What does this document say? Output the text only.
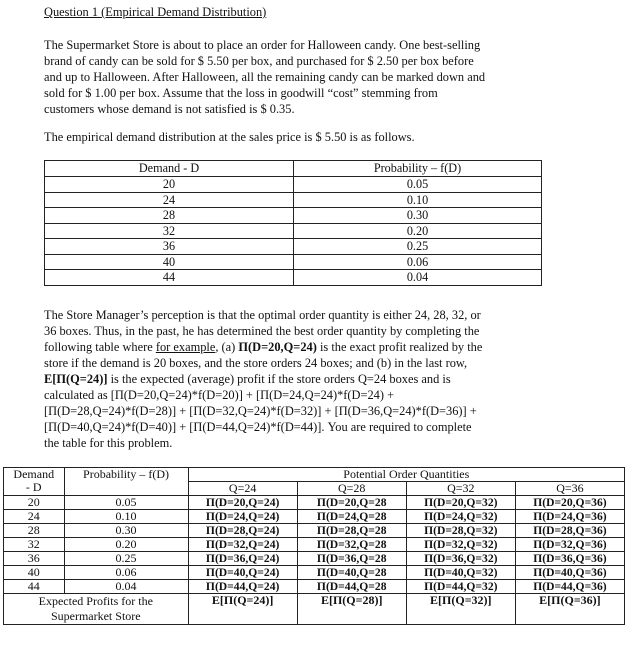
Question 1 (Empirical Demand Distribution)
The Supermarket Store is about to place an order for Halloween candy. One best-selling
brand of candy can be sold for $ 5.50 per box, and purchased for $ 2.50 per box before
and up to Halloween. After Halloween, all the remaining candy can be marked down and
sold for $ 1.00 per box. Assume that the loss in goodwill “cost” stemming from
customers whose demand is not satisfied is $ 0.35.
The empirical demand distribution at the sales price is $ 5.50 is as follows.
Demand - D	Probability – f(D)
20	0.05
24	0.10
28	0.30
32	0.20
36	0.25
40	0.06
44	0.04
The Store Manager’s perception is that the optimal order quantity is either 24, 28, 32, or
36 boxes. Thus, in the past, he has determined the best order quantity by completing the
following table where for example, (a) Π(D=20,Q=24) is the exact profit realized by the
store if the demand is 20 boxes, and the store orders 24 boxes; and (b) in the last row,
E[Π(Q=24)] is the expected (average) profit if the store orders Q=24 boxes and is
calculated as [Π(D=20,Q=24)*f(D=20)] + [Π(D=24,Q=24)*f(D=24) +
[Π(D=28,Q=24)*f(D=28)] + [Π(D=32,Q=24)*f(D=32)] + [Π(D=36,Q=24)*f(D=36)] +
[Π(D=40,Q=24)*f(D=40)] + [Π(D=44,Q=24)*f(D=44)]. You are required to complete
the table for this problem.
Demand
- D	Probability – f(D)	Potential Order Quantities			
		Q=24	Q=28	Q=32	Q=36
20	0.05	Π(D=20,Q=24)	Π(D=20,Q=28	Π(D=20,Q=32)	Π(D=20,Q=36)
24	0.10	Π(D=24,Q=24)	Π(D=24,Q=28	Π(D=24,Q=32)	Π(D=24,Q=36)
28	0.30	Π(D=28,Q=24)	Π(D=28,Q=28	Π(D=28,Q=32)	Π(D=28,Q=36)
32	0.20	Π(D=32,Q=24)	Π(D=32,Q=28	Π(D=32,Q=32)	Π(D=32,Q=36)
36	0.25	Π(D=36,Q=24)	Π(D=36,Q=28	Π(D=36,Q=32)	Π(D=36,Q=36)
40	0.06	Π(D=40,Q=24)	Π(D=40,Q=28	Π(D=40,Q=32)	Π(D=40,Q=36)
44	0.04	Π(D=44,Q=24)	Π(D=44,Q=28	Π(D=44,Q=32)	Π(D=44,Q=36)
Expected Profits for the
Supermarket Store		E[Π(Q=24)]	E[Π(Q=28)]	E[Π(Q=32)]	E[Π(Q=36)]
